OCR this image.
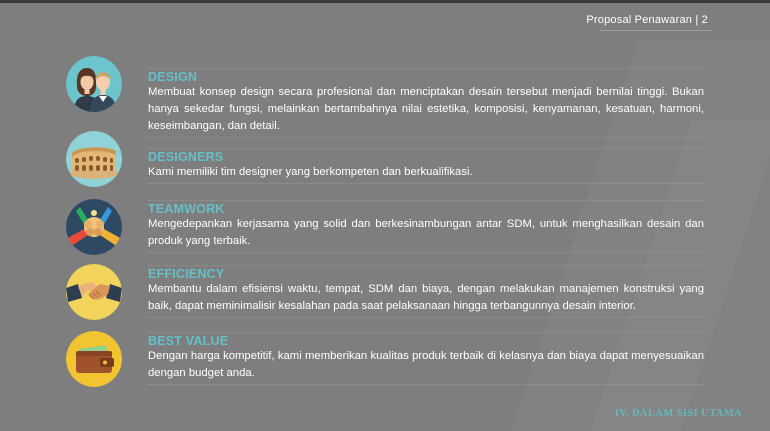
Proposal Penawaran | 2
DESIGN
Membuat konsep design secara profesional dan menciptakan desain tersebut menjadi bernilai tinggi. Bukan hanya sekedar fungsi, melainkan bertambahnya nilai estetika, komposisi, kenyamanan, kesatuan, harmoni, keseimbangan, dan detail.
DESIGNERS
Kami memiliki tim designer yang berkompeten dan berkualifikasi.
TEAMWORK
Mengedepankan kerjasama yang solid dan berkesinambungan antar SDM, untuk menghasilkan desain dan produk yang terbaik.
EFFICIENCY
Membantu dalam efisiensi waktu, tempat, SDM dan biaya, dengan melakukan manajemen konstruksi yang baik, dapat meminimalisir kesalahan pada saat pelaksanaan hingga terbangunnya desain interior.
BEST VALUE
Dengan harga kompetitif, kami memberikan kualitas produk terbaik di kelasnya dan biaya dapat menyesuaikan dengan budget anda.
IV. DALAM SISI UTAMA
